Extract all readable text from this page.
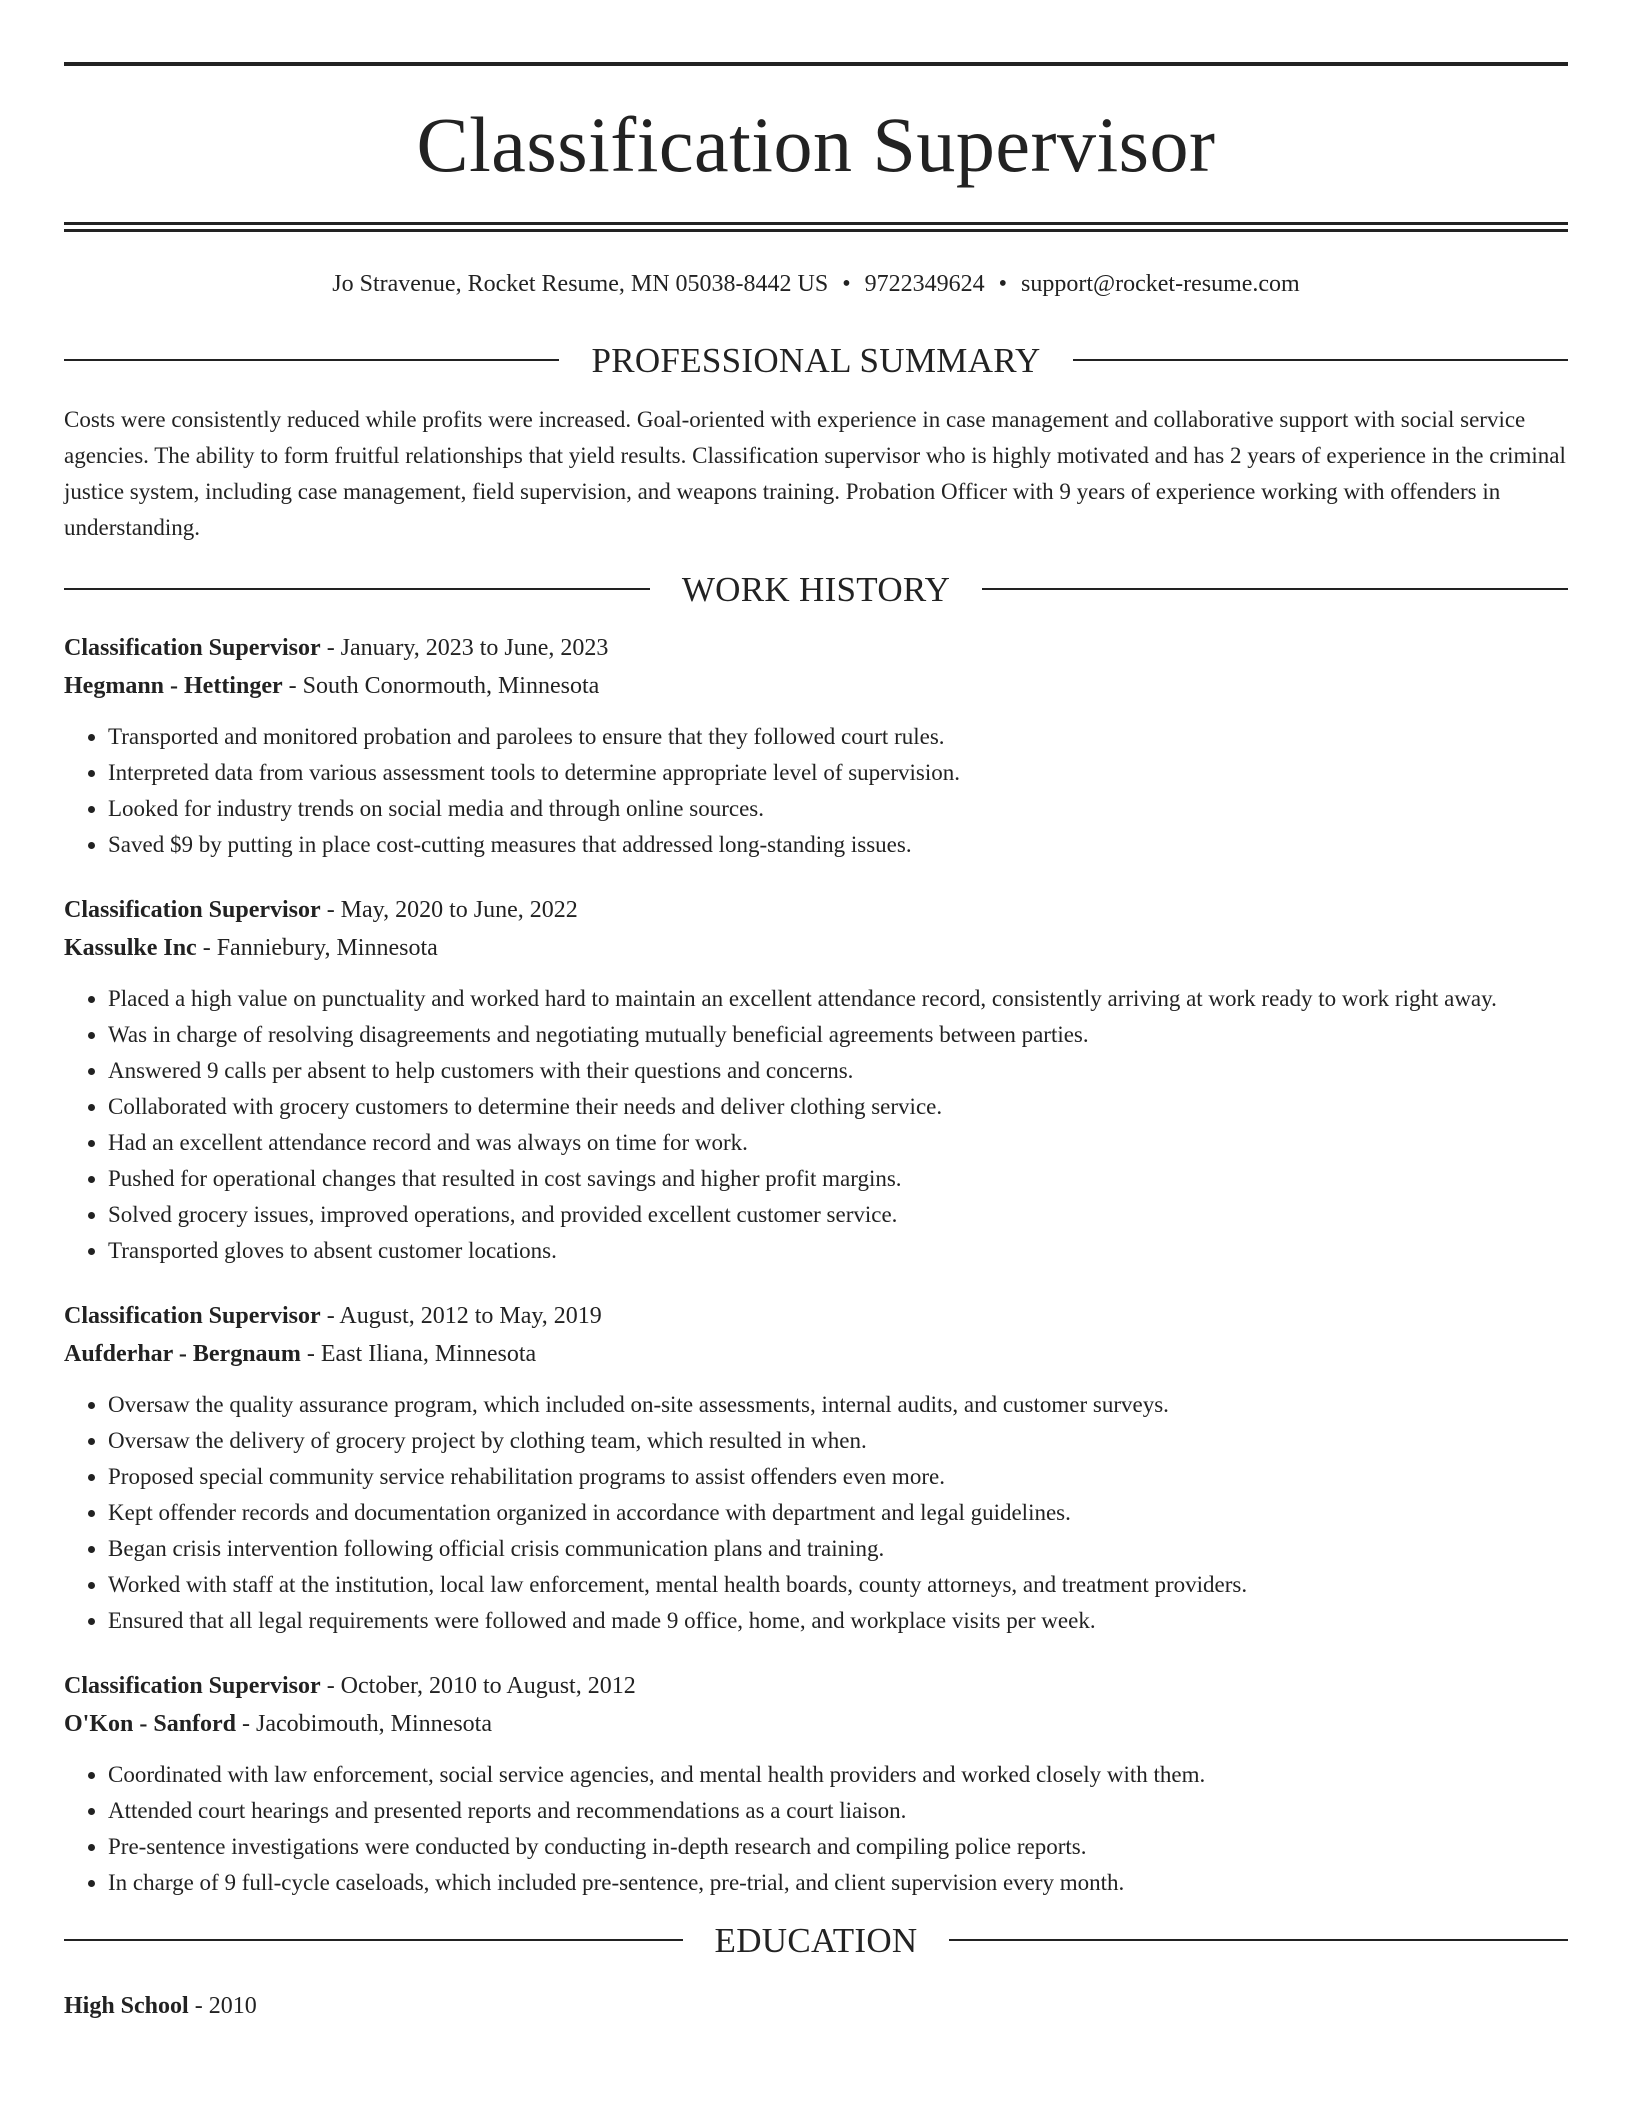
Classification Supervisor
Jo Stravenue, Rocket Resume, MN 05038-8442 US • 9722349624 • support@rocket-resume.com
PROFESSIONAL SUMMARY
Costs were consistently reduced while profits were increased. Goal-oriented with experience in case management and collaborative support with social service agencies. The ability to form fruitful relationships that yield results. Classification supervisor who is highly motivated and has 2 years of experience in the criminal justice system, including case management, field supervision, and weapons training. Probation Officer with 9 years of experience working with offenders in understanding.
WORK HISTORY
Classification Supervisor - January, 2023 to June, 2023
Hegmann - Hettinger - South Conormouth, Minnesota
• Transported and monitored probation and parolees to ensure that they followed court rules.
• Interpreted data from various assessment tools to determine appropriate level of supervision.
• Looked for industry trends on social media and through online sources.
• Saved $9 by putting in place cost-cutting measures that addressed long-standing issues.
Classification Supervisor - May, 2020 to June, 2022
Kassulke Inc - Fanniebury, Minnesota
• Placed a high value on punctuality and worked hard to maintain an excellent attendance record, consistently arriving at work ready to work right away.
• Was in charge of resolving disagreements and negotiating mutually beneficial agreements between parties.
• Answered 9 calls per absent to help customers with their questions and concerns.
• Collaborated with grocery customers to determine their needs and deliver clothing service.
• Had an excellent attendance record and was always on time for work.
• Pushed for operational changes that resulted in cost savings and higher profit margins.
• Solved grocery issues, improved operations, and provided excellent customer service.
• Transported gloves to absent customer locations.
Classification Supervisor - August, 2012 to May, 2019
Aufderhar - Bergnaum - East Iliana, Minnesota
• Oversaw the quality assurance program, which included on-site assessments, internal audits, and customer surveys.
• Oversaw the delivery of grocery project by clothing team, which resulted in when.
• Proposed special community service rehabilitation programs to assist offenders even more.
• Kept offender records and documentation organized in accordance with department and legal guidelines.
• Began crisis intervention following official crisis communication plans and training.
• Worked with staff at the institution, local law enforcement, mental health boards, county attorneys, and treatment providers.
• Ensured that all legal requirements were followed and made 9 office, home, and workplace visits per week.
Classification Supervisor - October, 2010 to August, 2012
O'Kon - Sanford - Jacobimouth, Minnesota
• Coordinated with law enforcement, social service agencies, and mental health providers and worked closely with them.
• Attended court hearings and presented reports and recommendations as a court liaison.
• Pre-sentence investigations were conducted by conducting in-depth research and compiling police reports.
• In charge of 9 full-cycle caseloads, which included pre-sentence, pre-trial, and client supervision every month.
EDUCATION
High School - 2010
